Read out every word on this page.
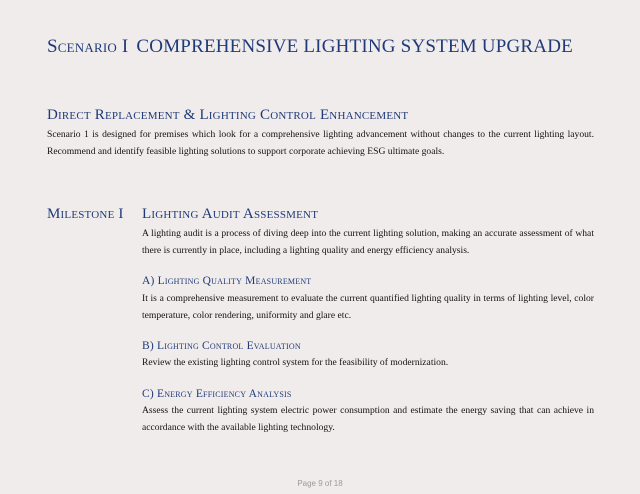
Scenario I COMPREHENSIVE LIGHTING SYSTEM UPGRADE
Direct Replacement & Lighting Control Enhancement

Scenario 1 is designed for premises which look for a comprehensive lighting advancement without changes to the current lighting layout. Recommend and identify feasible lighting solutions to support corporate achieving ESG ultimate goals.

Milestone I Lighting Audit Assessment

A lighting audit is a process of diving deep into the current lighting solution, making an accurate assessment of what there is currently in place, including a lighting quality and energy efficiency analysis.

A) Lighting Quality Measurement

It is a comprehensive measurement to evaluate the current quantified lighting quality in terms of lighting level, color temperature, color rendering, uniformity and glare etc.

B) Lighting Control Evaluation

Review the existing lighting control system for the feasibility of modernization.

C) Energy Efficiency Analysis

Assess the current lighting system electric power consumption and estimate the energy saving that can achieve in accordance with the available lighting technology.

Page 9 of 18
